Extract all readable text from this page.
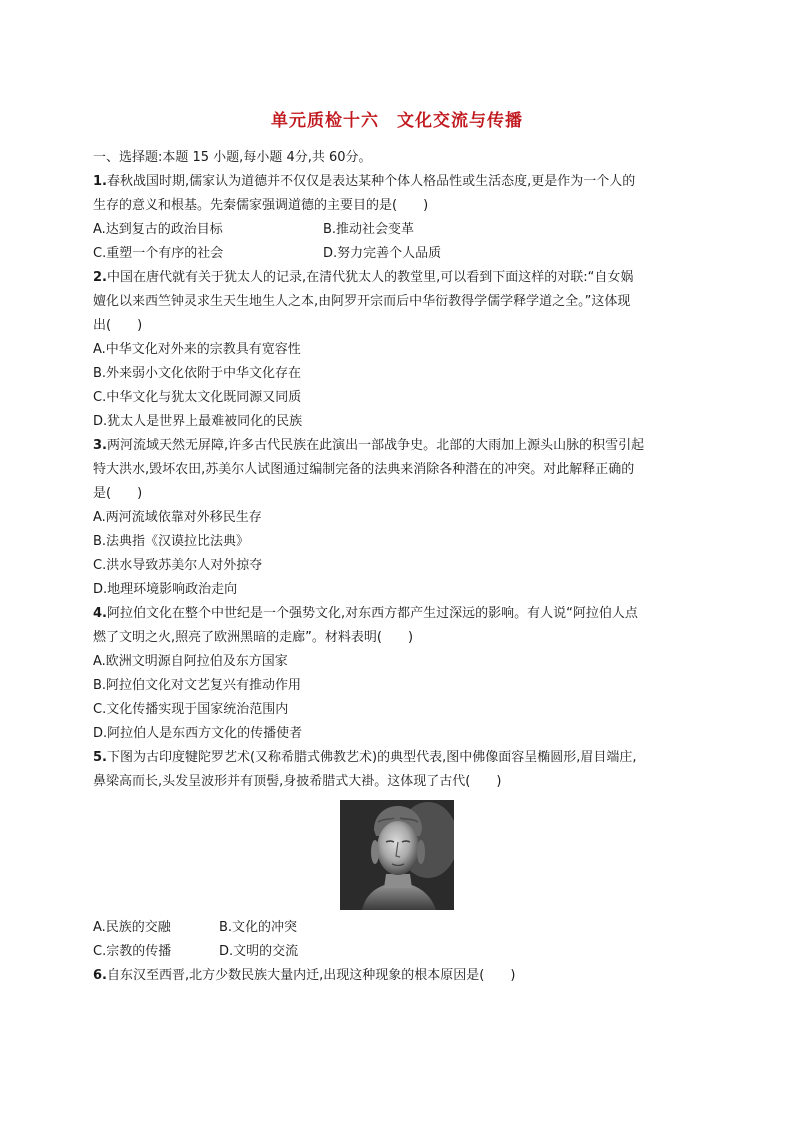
单元质检十六　文化交流与传播
一、选择题:本题 15 小题,每小题 4分,共 60分。
1.春秋战国时期,儒家认为道德并不仅仅是表达某种个体人格品性或生活态度,更是作为一个人的
生存的意义和根基。先秦儒家强调道德的主要目的是(　　)
A.达到复古的政治目标	B.推动社会变革
C.重塑一个有序的社会	D.努力完善个人品质
2.中国在唐代就有关于犹太人的记录,在清代犹太人的教堂里,可以看到下面这样的对联:“自女娲
嬗化以来西竺钟灵求生天生地生人之本,由阿罗开宗而后中华衍教得学儒学释学道之全。”这体现
出(　　)
A.中华文化对外来的宗教具有宽容性
B.外来弱小文化依附于中华文化存在
C.中华文化与犹太文化既同源又同质
D.犹太人是世界上最难被同化的民族
3.两河流域天然无屏障,许多古代民族在此演出一部战争史。北部的大雨加上源头山脉的积雪引起
特大洪水,毁坏农田,苏美尔人试图通过编制完备的法典来消除各种潜在的冲突。对此解释正确的
是(　　)
A.两河流域依靠对外移民生存
B.法典指《汉谟拉比法典》
C.洪水导致苏美尔人对外掠夺
D.地理环境影响政治走向
4.阿拉伯文化在整个中世纪是一个强势文化,对东西方都产生过深远的影响。有人说“阿拉伯人点
燃了文明之火,照亮了欧洲黑暗的走廊”。材料表明(　　)
A.欧洲文明源自阿拉伯及东方国家
B.阿拉伯文化对文艺复兴有推动作用
C.文化传播实现于国家统治范围内
D.阿拉伯人是东西方文化的传播使者
5.下图为古印度犍陀罗艺术(又称希腊式佛教艺术)的典型代表,图中佛像面容呈椭圆形,眉目端庄,
鼻梁高而长,头发呈波形并有顶髻,身披希腊式大褂。这体现了古代(　　)
A.民族的交融	B.文化的冲突
C.宗教的传播	D.文明的交流
6.自东汉至西晋,北方少数民族大量内迁,出现这种现象的根本原因是(　　)
